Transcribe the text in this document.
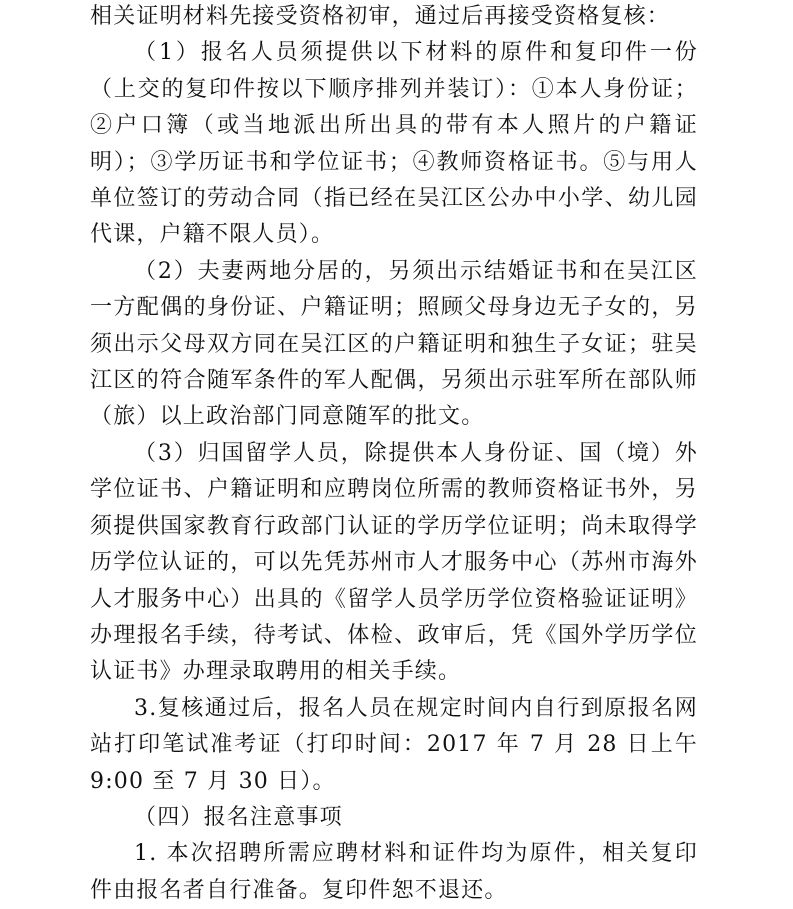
相关证明材料先接受资格初审，通过后再接受资格复核：

（1）报名人员须提供以下材料的原件和复印件一份（上交的复印件按以下顺序排列并装订）：①本人身份证；②户口簿（或当地派出所出具的带有本人照片的户籍证明）；③学历证书和学位证书；④教师资格证书。⑤与用人单位签订的劳动合同（指已经在吴江区公办中小学、幼儿园代课，户籍不限人员）。

（2）夫妻两地分居的，另须出示结婚证书和在吴江区一方配偶的身份证、户籍证明；照顾父母身边无子女的，另须出示父母双方同在吴江区的户籍证明和独生子女证；驻吴江区的符合随军条件的军人配偶，另须出示驻军所在部队师（旅）以上政治部门同意随军的批文。

（3）归国留学人员，除提供本人身份证、国（境）外学位证书、户籍证明和应聘岗位所需的教师资格证书外，另须提供国家教育行政部门认证的学历学位证明；尚未取得学历学位认证的，可以先凭苏州市人才服务中心（苏州市海外人才服务中心）出具的《留学人员学历学位资格验证证明》办理报名手续，待考试、体检、政审后，凭《国外学历学位认证书》办理录取聘用的相关手续。

3.复核通过后，报名人员在规定时间内自行到原报名网站打印笔试准考证（打印时间：2017 年 7 月 28 日上午 9:00 至 7 月 30 日）。

（四）报名注意事项

1. 本次招聘所需应聘材料和证件均为原件，相关复印件由报名者自行准备。复印件恕不退还。
